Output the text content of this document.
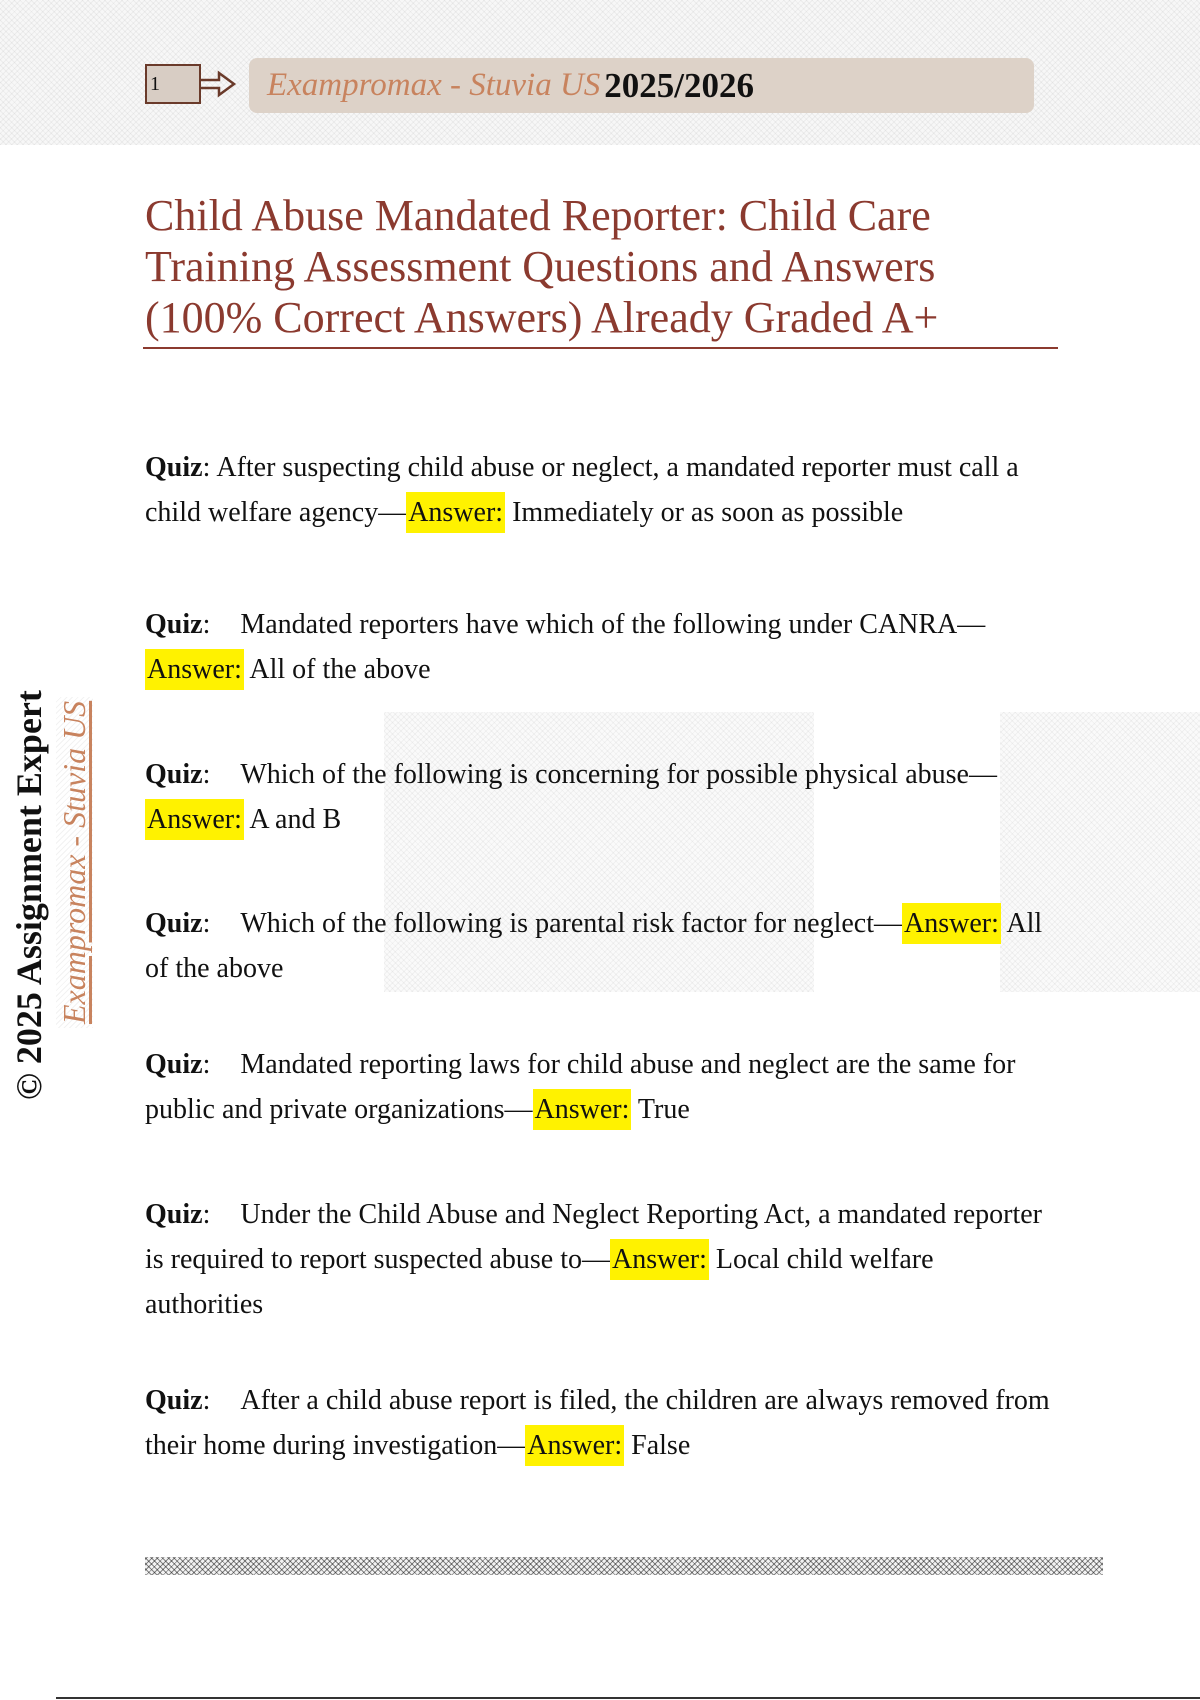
1	Exampromax - Stuvia US 2025/2026
Child Abuse Mandated Reporter: Child Care Training Assessment Questions and Answers (100% Correct Answers) Already Graded A+
© 2025 Assignment Expert Exampromax - Stuvia US

Quiz: After suspecting child abuse or neglect, a mandated reporter must call a child welfare agency—Answer: Immediately or as soon as possible

Quiz: Mandated reporters have which of the following under CANRA—Answer: All of the above

Quiz: Which of the following is concerning for possible physical abuse—Answer: A and B

Quiz: Which of the following is parental risk factor for neglect—Answer: All of the above

Quiz: Mandated reporting laws for child abuse and neglect are the same for public and private organizations—Answer: True

Quiz: Under the Child Abuse and Neglect Reporting Act, a mandated reporter is required to report suspected abuse to—Answer: Local child welfare authorities

Quiz: After a child abuse report is filed, the children are always removed from their home during investigation—Answer: False
